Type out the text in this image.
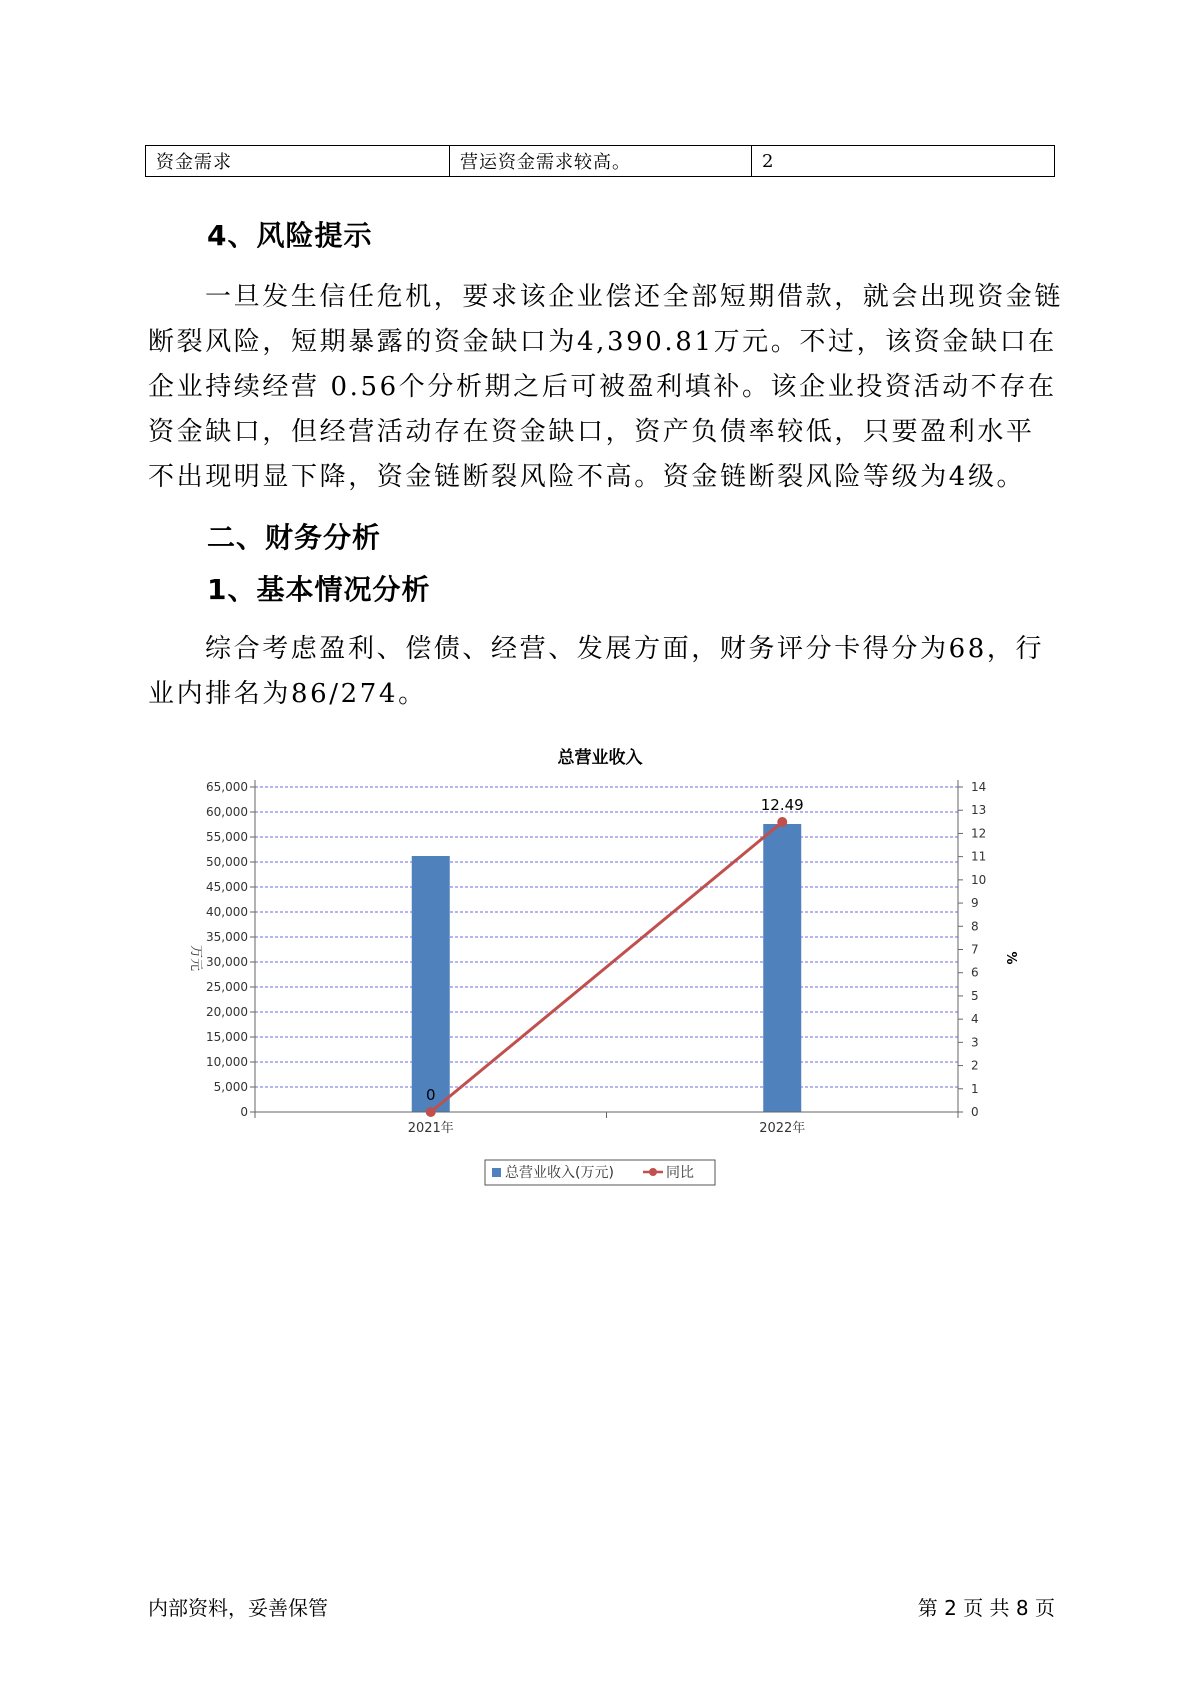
资金需求	营运资金需求较高。	2
4、风险提示

一旦发生信任危机，要求该企业偿还全部短期借款，就会出现资金链断裂风险，短期暴露的资金缺口为4,390.81万元。不过，该资金缺口在企业持续经营 0.56个分析期之后可被盈利填补。该企业投资活动不存在资金缺口，但经营活动存在资金缺口，资产负债率较低，只要盈利水平不出现明显下降，资金链断裂风险不高。资金链断裂风险等级为4级。

二、财务分析
1、基本情况分析

综合考虑盈利、偿债、经营、发展方面，财务评分卡得分为68，行业内排名为86/274。

总营业收入
万元	%
0
5,000
10,000
15,000
20,000
25,000
30,000
35,000
40,000
45,000
50,000
55,000
60,000
65,000
0
1
2
3
4
5
6
7
8
9
10
11
12
13
14
2021年	2022年
0
12.49
总营业收入(万元)	同比
内部资料，妥善保管	第 2 页 共 8 页
